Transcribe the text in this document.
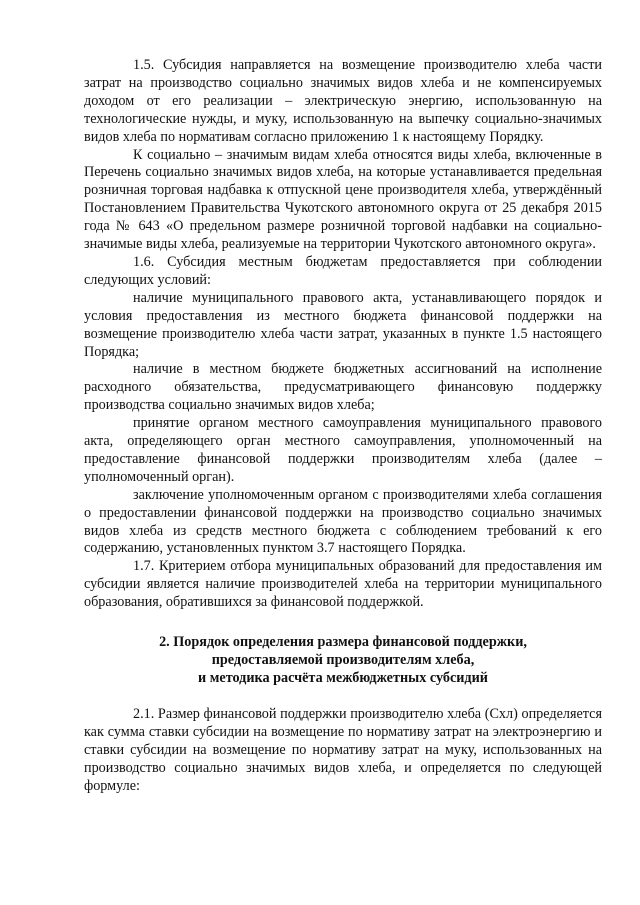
1.5. Субсидия направляется на возмещение производителю хлеба части затрат на производство социально значимых видов хлеба и не компенсируемых доходом от его реализации – электрическую энергию, использованную на технологические нужды, и муку, использованную на выпечку социально-значимых видов хлеба по нормативам согласно приложению 1 к настоящему Порядку.

К социально – значимым видам хлеба относятся виды хлеба, включенные в Перечень социально значимых видов хлеба, на которые устанавливается предельная розничная торговая надбавка к отпускной цене производителя хлеба, утверждённый Постановлением Правительства Чукотского автономного округа от 25 декабря 2015 года № 643 «О предельном размере розничной торговой надбавки на социально-значимые виды хлеба, реализуемые на территории Чукотского автономного округа».

1.6. Субсидия местным бюджетам предоставляется при соблюдении следующих условий:

наличие муниципального правового акта, устанавливающего порядок и условия предоставления из местного бюджета финансовой поддержки на возмещение производителю хлеба части затрат, указанных в пункте 1.5 настоящего Порядка;

наличие в местном бюджете бюджетных ассигнований на исполнение расходного обязательства, предусматривающего финансовую поддержку производства социально значимых видов хлеба;

принятие органом местного самоуправления муниципального правового акта, определяющего орган местного самоуправления, уполномоченный на предоставление финансовой поддержки производителям хлеба (далее – уполномоченный орган).

заключение уполномоченным органом с производителями хлеба соглашения о предоставлении финансовой поддержки на производство социально значимых видов хлеба из средств местного бюджета с соблюдением требований к его содержанию, установленных пунктом 3.7 настоящего Порядка.

1.7. Критерием отбора муниципальных образований для предоставления им субсидии является наличие производителей хлеба на территории муниципального образования, обратившихся за финансовой поддержкой.

2. Порядок определения размера финансовой поддержки,
предоставляемой производителям хлеба,
и методика расчёта межбюджетных субсидий

2.1. Размер финансовой поддержки производителю хлеба (Схл) определяется как сумма ставки субсидии на возмещение по нормативу затрат на электроэнергию и ставки субсидии на возмещение по нормативу затрат на муку, использованных на производство социально значимых видов хлеба, и определяется по следующей формуле:
